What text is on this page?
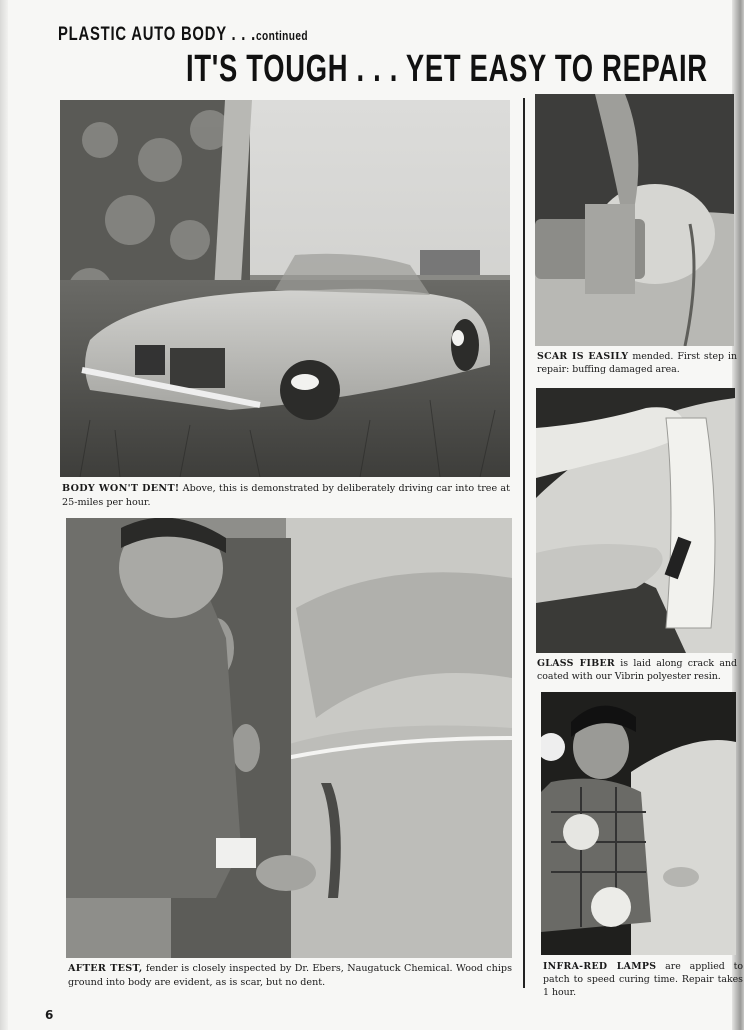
PLASTIC AUTO BODY . . .continued
IT'S TOUGH . . . YET EASY TO REPAIR
BODY WON'T DENT! Above, this is demonstrated by deliberately driving car into tree at 25-miles per hour.
AFTER TEST, fender is closely inspected by Dr. Ebers, Naugatuck Chemical. Wood chips ground into body are evident, as is scar, but no dent.
SCAR IS EASILY mended. First step in repair: buffing damaged area.
GLASS FIBER is laid along crack and coated with our Vibrin polyester resin.
INFRA-RED LAMPS are applied to patch to speed curing time. Repair takes 1 hour.
6
